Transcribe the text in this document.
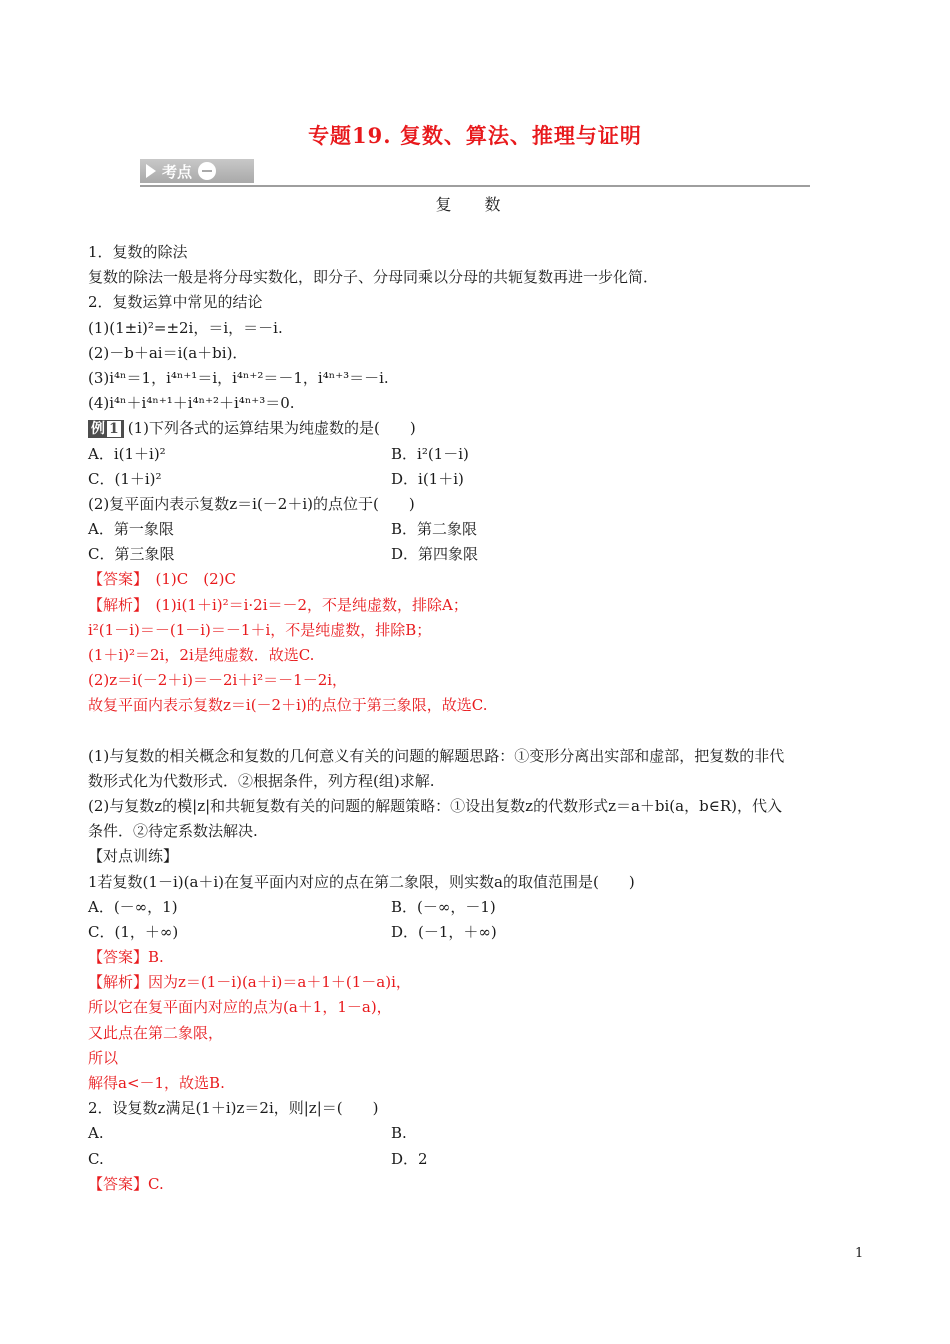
专题19. 复数、算法、推理与证明
考点
复 数
1．复数的除法
复数的除法一般是将分母实数化，即分子、分母同乘以分母的共轭复数再进一步化简．
2．复数运算中常见的结论
(1)(1±i)²=±2i，＝i，＝－i.
(2)－b＋ai＝i(a＋bi)．
(3)i⁴ⁿ＝1，i⁴ⁿ⁺¹＝i，i⁴ⁿ⁺²＝－1，i⁴ⁿ⁺³＝－i.
(4)i⁴ⁿ＋i⁴ⁿ⁺¹＋i⁴ⁿ⁺²＋i⁴ⁿ⁺³＝0.
例 1 (1)下列各式的运算结果为纯虚数的是(　　)
A．i(1＋i)²	B．i²(1－i)
C．(1＋i)²	D．i(1＋i)
(2)复平面内表示复数z＝i(－2＋i)的点位于(　　)
A．第一象限	B．第二象限
C．第三象限	D．第四象限
【答案】　(1)C　(2)C
【解析】　(1)i(1＋i)²＝i·2i＝－2，不是纯虚数，排除A；
i²(1－i)＝－(1－i)＝－1＋i，不是纯虚数，排除B；
(1＋i)²＝2i，2i是纯虚数．故选C.
(2)z＝i(－2＋i)＝－2i＋i²＝－1－2i，
故复平面内表示复数z＝i(－2＋i)的点位于第三象限，故选C.
(1)与复数的相关概念和复数的几何意义有关的问题的解题思路：①变形分离出实部和虚部，把复数的非代
数形式化为代数形式．②根据条件，列方程(组)求解.
(2)与复数z的模|z|和共轭复数有关的问题的解题策略：①设出复数z的代数形式z＝a＋bi(a，b∈R)，代入
条件．②待定系数法解决.
【对点训练】
1若复数(1－i)(a＋i)在复平面内对应的点在第二象限，则实数a的取值范围是(　　)
A．(－∞，1)	B．(－∞，－1)
C．(1，＋∞)	D．(－1，＋∞)
【答案】B.
【解析】因为z＝(1－i)(a＋i)＝a＋1＋(1－a)i，
所以它在复平面内对应的点为(a＋1，1－a)，
又此点在第二象限，
所以
解得a<－1，故选B.
2．设复数z满足(1＋i)z＝2i，则|z|＝(　　)
A.	B.
C.	D．2
【答案】C.
1
